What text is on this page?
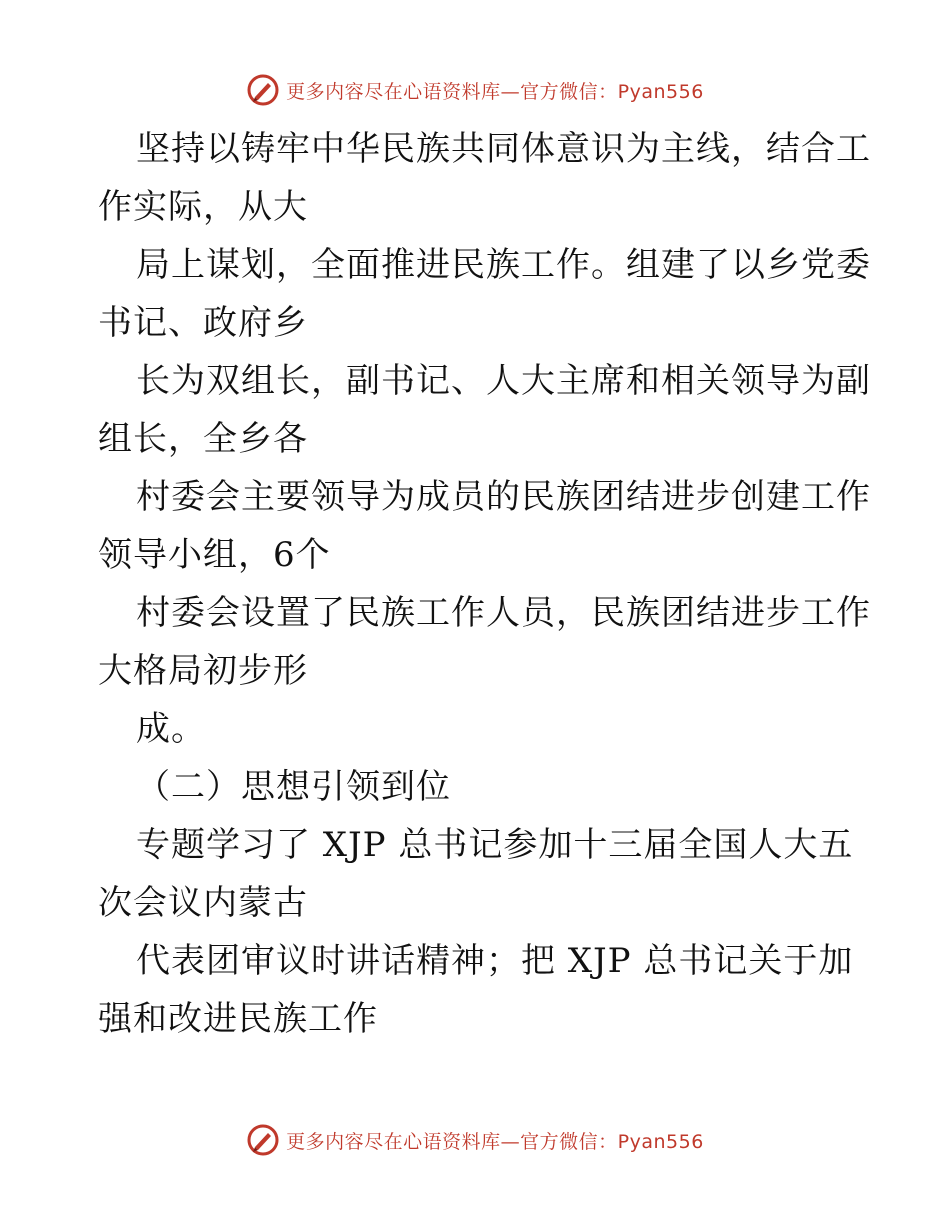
更多内容尽在心语资料库—官方微信：Pyan556
坚持以铸牢中华民族共同体意识为主线，结合工
作实际，从大
局上谋划，全面推进民族工作。组建了以乡党委
书记、政府乡
长为双组长，副书记、人大主席和相关领导为副
组长，全乡各
村委会主要领导为成员的民族团结进步创建工作
领导小组，6个
村委会设置了民族工作人员，民族团结进步工作
大格局初步形
成。
（二）思想引领到位
专题学习了 XJP 总书记参加十三届全国人大五
次会议内蒙古
代表团审议时讲话精神；把 XJP 总书记关于加
强和改进民族工作
更多内容尽在心语资料库—官方微信：Pyan556
